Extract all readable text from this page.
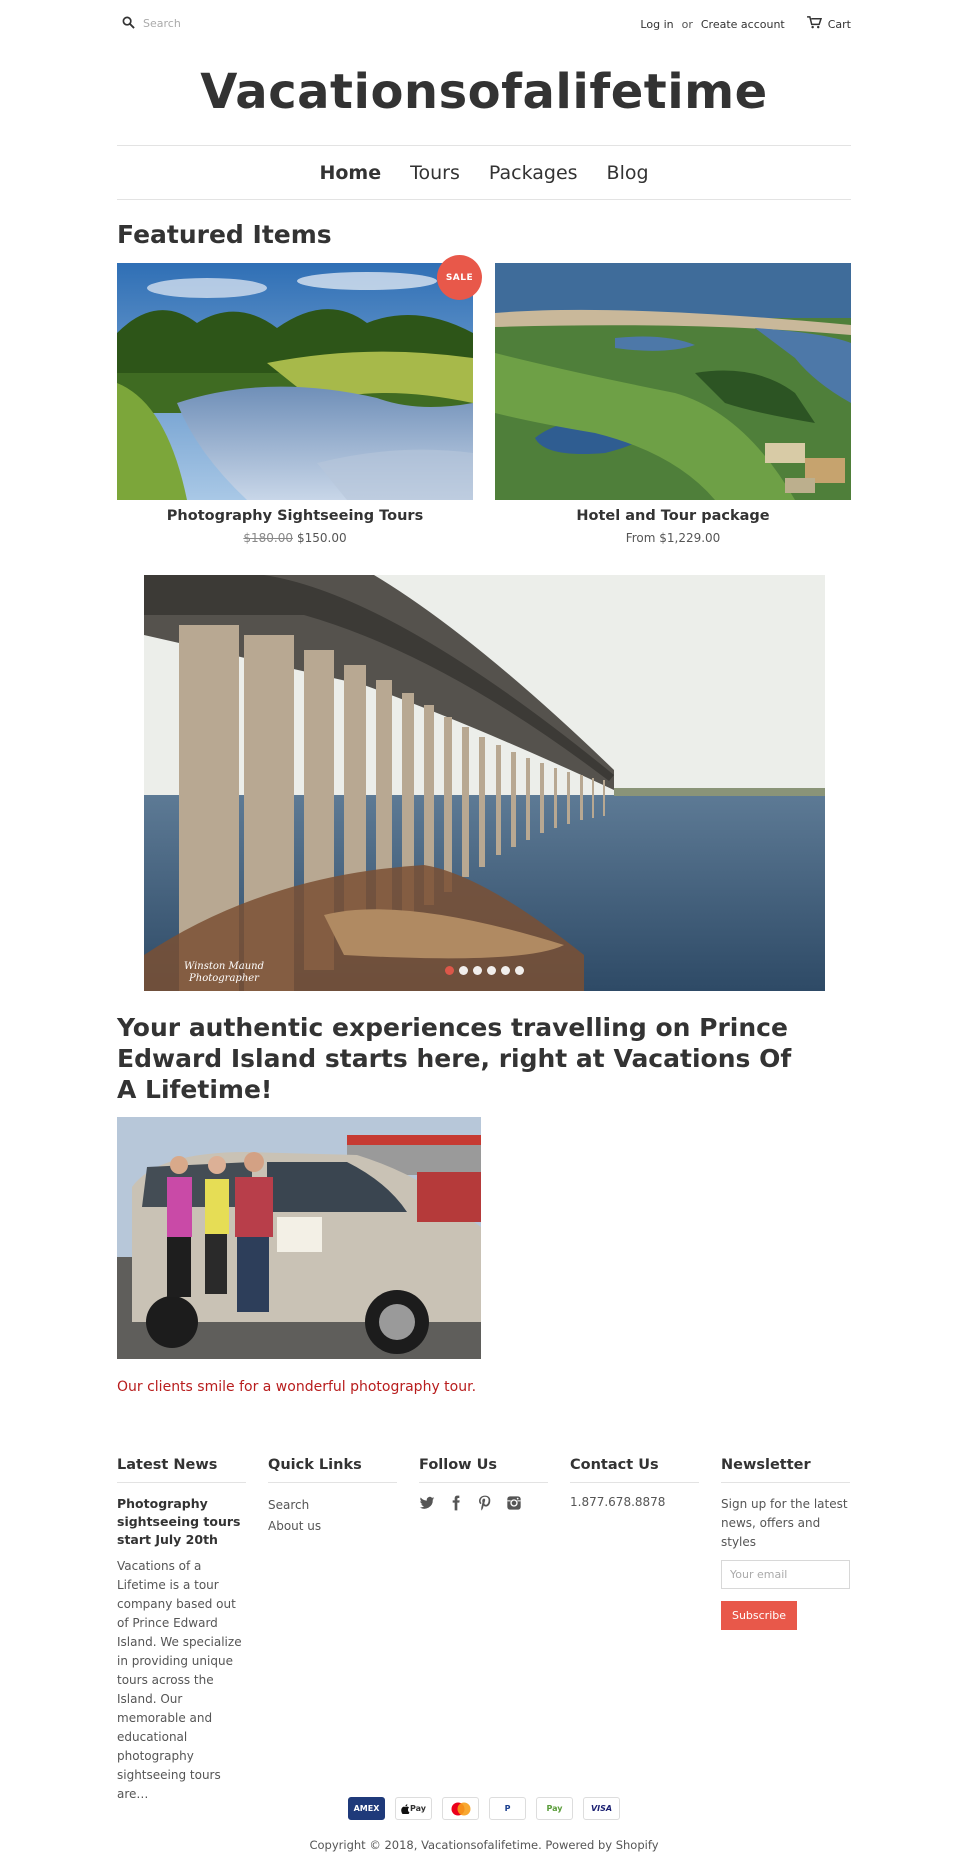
Search
Log in or Create account	Cart
Vacationsofalifetime
Home Tours Packages Blog
Featured Items
Photography Sightseeing Tours
$180.00 $150.00
SALE
Hotel and Tour package
From $1,229.00
Winston Maund
Photographer
Your authentic experiences travelling on Prince Edward Island starts here, right at Vacations Of A Lifetime!

Our clients smile for a wonderful photography tour.

Latest News
Photography sightseeing tours start July 20th
Vacations of a Lifetime is a tour company based out of Prince Edward Island. We specialize in providing unique tours across the Island. Our memorable and educational photography sightseeing tours are…
Quick Links
Search
About us
Follow Us	Contact Us
1.877.678.8878
Newsletter
Sign up for the latest news, offers and styles
Your email Subscribe
AMEX	Pay	P	Pay	VISA
Copyright © 2018, Vacationsofalifetime. Powered by Shopify
